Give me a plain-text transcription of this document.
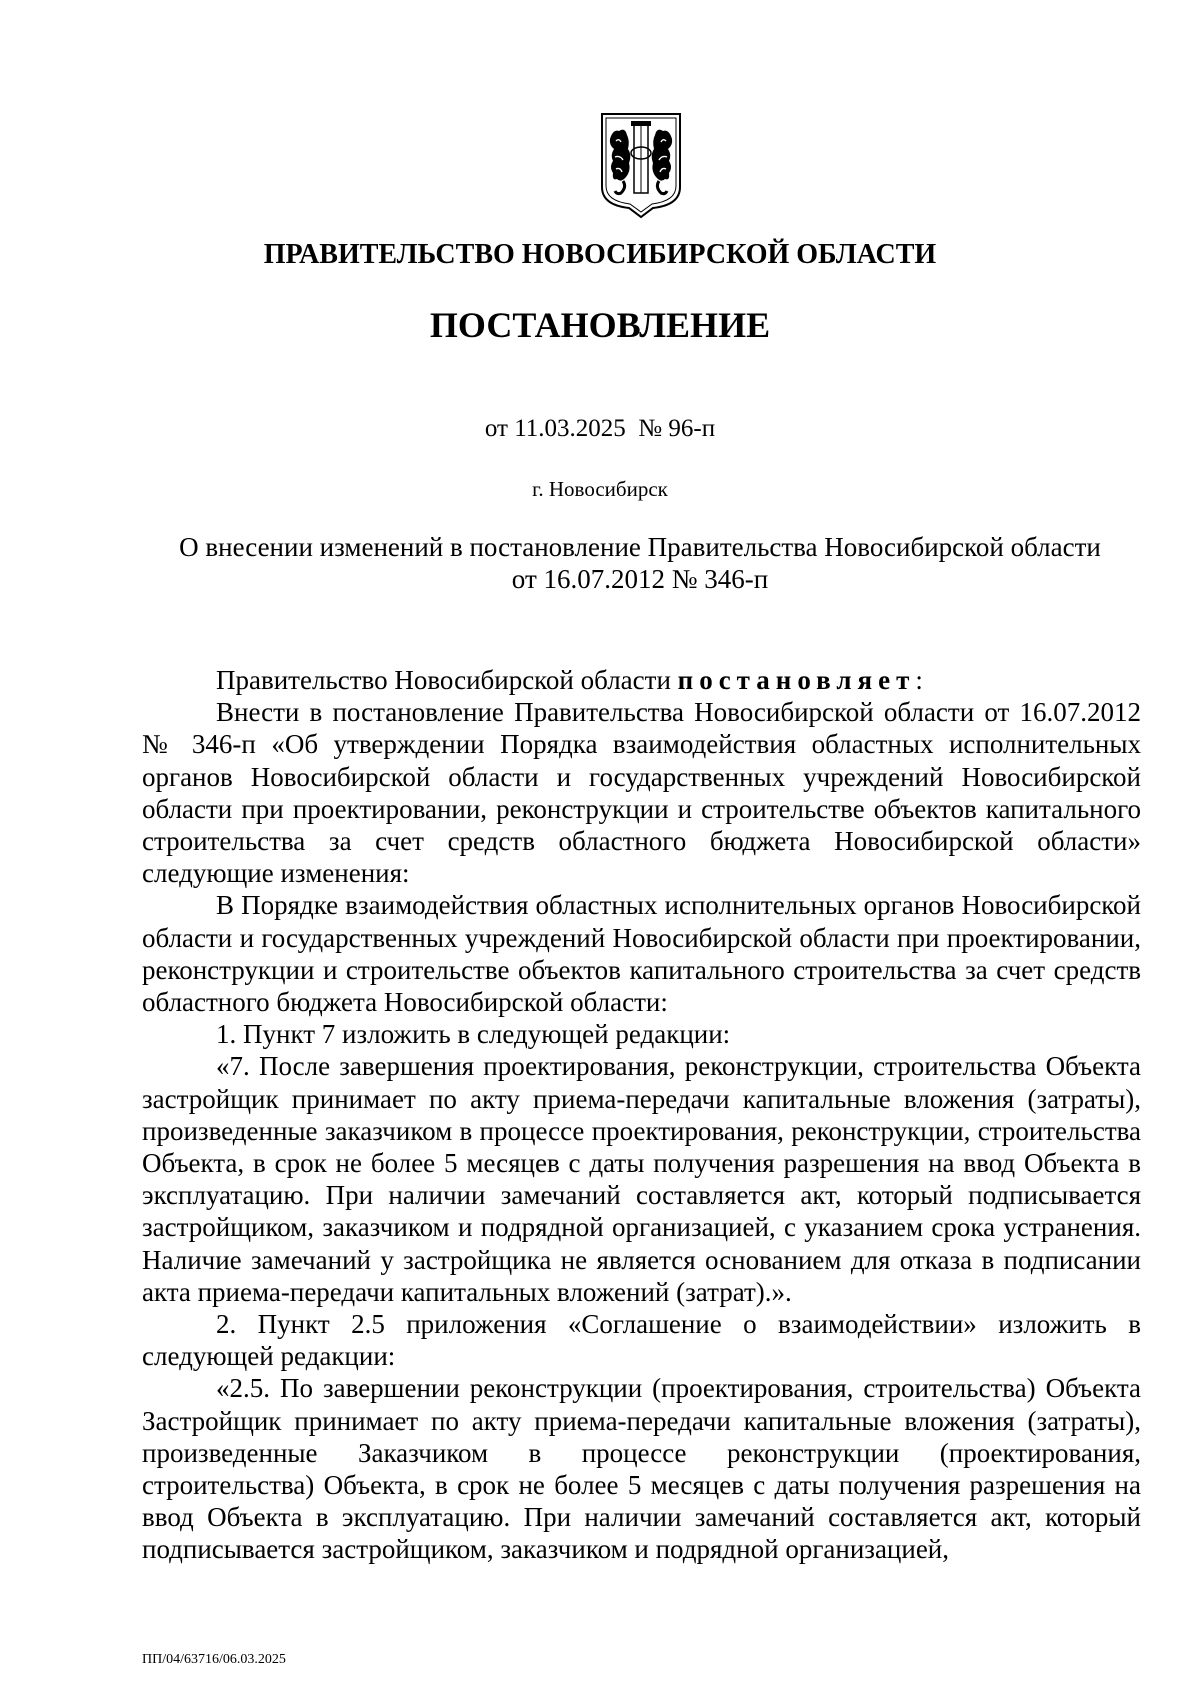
ПРАВИТЕЛЬСТВО НОВОСИБИРСКОЙ ОБЛАСТИ
ПОСТАНОВЛЕНИЕ
от 11.03.2025  № 96-п
г. Новосибирск
О внесении изменений в постановление Правительства Новосибирской области
от 16.07.2012 № 346-п

Правительство Новосибирской области постановляет:

Внести в постановление Правительства Новосибирской области от 16.07.2012 № 346-п «Об утверждении Порядка взаимодействия областных исполнительных органов Новосибирской области и государственных учреждений Новосибирской области при проектировании, реконструкции и строительстве объектов капитального строительства за счет средств областного бюджета Новосибирской области» следующие изменения:

В Порядке взаимодействия областных исполнительных органов Новосибирской области и государственных учреждений Новосибирской области при проектировании, реконструкции и строительстве объектов капитального строительства за счет средств областного бюджета Новосибирской области:

1. Пункт 7 изложить в следующей редакции:

«7. После завершения проектирования, реконструкции, строительства Объекта застройщик принимает по акту приема-передачи капитальные вложения (затраты), произведенные заказчиком в процессе проектирования, реконструкции, строительства Объекта, в срок не более 5 месяцев с даты получения разрешения на ввод Объекта в эксплуатацию. При наличии замечаний составляется акт, который подписывается застройщиком, заказчиком и подрядной организацией, с указанием срока устранения. Наличие замечаний у застройщика не является основанием для отказа в подписании акта приема-передачи капитальных вложений (затрат).».

2. Пункт 2.5 приложения «Соглашение о взаимодействии» изложить в следующей редакции:

«2.5. По завершении реконструкции (проектирования, строительства) Объекта Застройщик принимает по акту приема-передачи капитальные вложения (затраты), произведенные Заказчиком в процессе реконструкции (проектирования, строительства) Объекта, в срок не более 5 месяцев с даты получения разрешения на ввод Объекта в эксплуатацию. При наличии замечаний составляется акт, который подписывается застройщиком, заказчиком и подрядной организацией,

ПП/04/63716/06.03.2025
